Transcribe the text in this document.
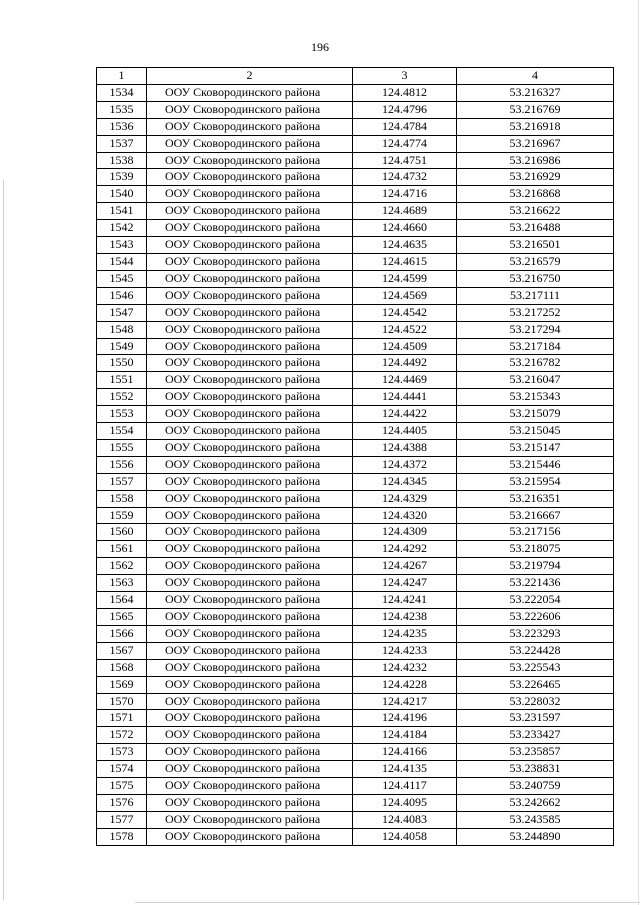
196
1	2	3	4
1534	ООУ Сковородинского района	124.4812	53.216327
1535	ООУ Сковородинского района	124.4796	53.216769
1536	ООУ Сковородинского района	124.4784	53.216918
1537	ООУ Сковородинского района	124.4774	53.216967
1538	ООУ Сковородинского района	124.4751	53.216986
1539	ООУ Сковородинского района	124.4732	53.216929
1540	ООУ Сковородинского района	124.4716	53.216868
1541	ООУ Сковородинского района	124.4689	53.216622
1542	ООУ Сковородинского района	124.4660	53.216488
1543	ООУ Сковородинского района	124.4635	53.216501
1544	ООУ Сковородинского района	124.4615	53.216579
1545	ООУ Сковородинского района	124.4599	53.216750
1546	ООУ Сковородинского района	124.4569	53.217111
1547	ООУ Сковородинского района	124.4542	53.217252
1548	ООУ Сковородинского района	124.4522	53.217294
1549	ООУ Сковородинского района	124.4509	53.217184
1550	ООУ Сковородинского района	124.4492	53.216782
1551	ООУ Сковородинского района	124.4469	53.216047
1552	ООУ Сковородинского района	124.4441	53.215343
1553	ООУ Сковородинского района	124.4422	53.215079
1554	ООУ Сковородинского района	124.4405	53.215045
1555	ООУ Сковородинского района	124.4388	53.215147
1556	ООУ Сковородинского района	124.4372	53.215446
1557	ООУ Сковородинского района	124.4345	53.215954
1558	ООУ Сковородинского района	124.4329	53.216351
1559	ООУ Сковородинского района	124.4320	53.216667
1560	ООУ Сковородинского района	124.4309	53.217156
1561	ООУ Сковородинского района	124.4292	53.218075
1562	ООУ Сковородинского района	124.4267	53.219794
1563	ООУ Сковородинского района	124.4247	53.221436
1564	ООУ Сковородинского района	124.4241	53.222054
1565	ООУ Сковородинского района	124.4238	53.222606
1566	ООУ Сковородинского района	124.4235	53.223293
1567	ООУ Сковородинского района	124.4233	53.224428
1568	ООУ Сковородинского района	124.4232	53.225543
1569	ООУ Сковородинского района	124.4228	53.226465
1570	ООУ Сковородинского района	124.4217	53.228032
1571	ООУ Сковородинского района	124.4196	53.231597
1572	ООУ Сковородинского района	124.4184	53.233427
1573	ООУ Сковородинского района	124.4166	53.235857
1574	ООУ Сковородинского района	124.4135	53.238831
1575	ООУ Сковородинского района	124.4117	53.240759
1576	ООУ Сковородинского района	124.4095	53.242662
1577	ООУ Сковородинского района	124.4083	53.243585
1578	ООУ Сковородинского района	124.4058	53.244890
